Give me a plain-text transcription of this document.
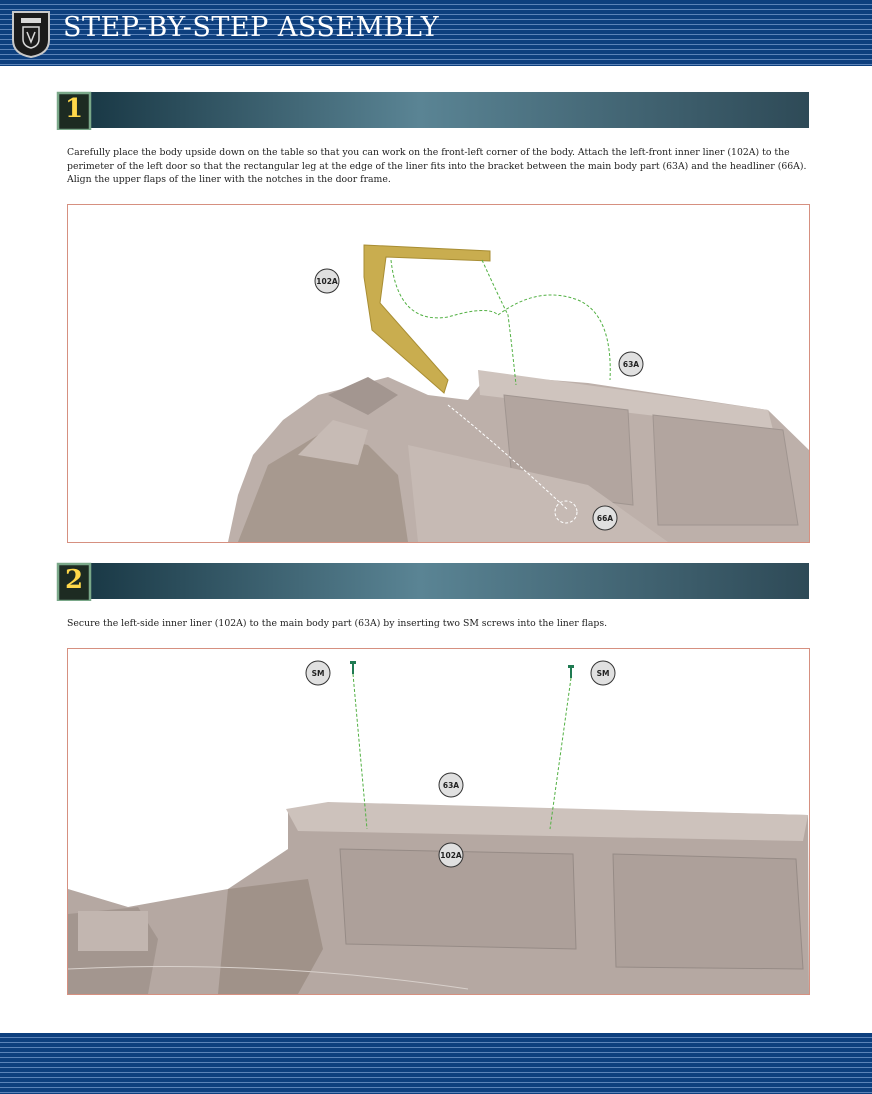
STEP-BY-STEP ASSEMBLY
1
Carefully place the body upside down on the table so that you can work on the front-left corner of the body. Attach the left-front inner liner (102A) to the perimeter of the left door so that the rectangular leg at the edge of the liner fits into the bracket between the main body part (63A) and the headliner (66A). Align the upper flaps of the liner with the notches in the door frame.
102A
63A
66A
2
Secure the left-side inner liner (102A) to the main body part (63A) by inserting two SM screws into the liner flaps.
SM	SM
63A
102A
